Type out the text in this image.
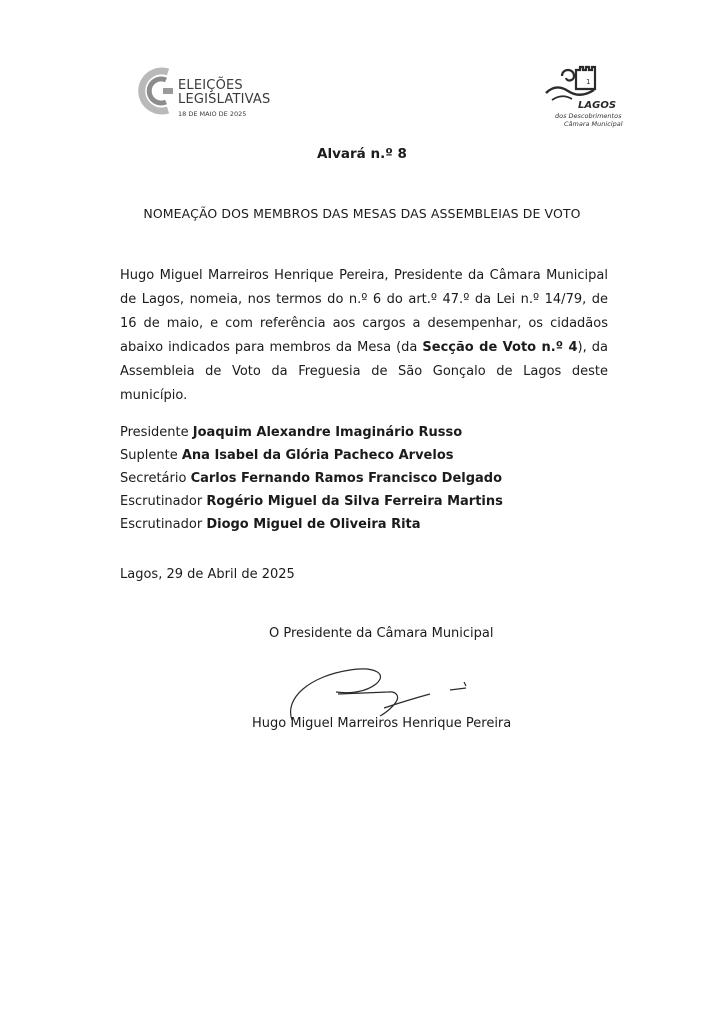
ELEIÇÕES
LEGISLATIVAS
18 DE MAIO DE 2025
1
LAGOS
dos Descobrimentos
Câmara Municipal
Alvará n.º 8
NOMEAÇÃO DOS MEMBROS DAS MESAS DAS ASSEMBLEIAS DE VOTO
Hugo Miguel Marreiros Henrique Pereira, Presidente da Câmara Municipal de Lagos, nomeia, nos termos do n.º 6 do art.º 47.º da Lei n.º 14/79, de 16 de maio, e com referência aos cargos a desempenhar, os cidadãos abaixo indicados para membros da Mesa (da Secção de Voto n.º 4), da Assembleia de Voto da Freguesia de São Gonçalo de Lagos deste município.
Presidente Joaquim Alexandre Imaginário Russo
Suplente Ana Isabel da Glória Pacheco Arvelos
Secretário Carlos Fernando Ramos Francisco Delgado
Escrutinador Rogério Miguel da Silva Ferreira Martins
Escrutinador Diogo Miguel de Oliveira Rita
Lagos, 29 de Abril de 2025
O Presidente da Câmara Municipal
Hugo Miguel Marreiros Henrique Pereira
